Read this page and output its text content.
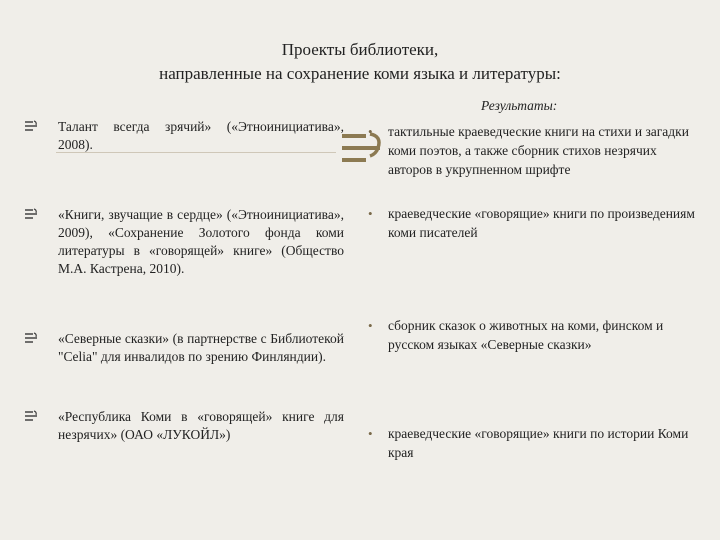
Проекты библиотеки,
направленные на сохранение коми языка и литературы:
Талант всегда зрячий» («Этноинициатива», 2008).
«Книги, звучащие в сердце» («Этноинициатива», 2009), «Сохранение Золотого фонда коми литературы в «говорящей» книге» (Общество М.А. Кастрена, 2010).
«Северные сказки» (в партнерстве с Библиотекой "Celia" для инвалидов по зрению Финляндии).
«Республика Коми в «говорящей» книге для незрячих» (ОАО «ЛУКОЙЛ»)
Результаты:
•	тактильные краеведческие книги на стихи и загадки коми поэтов, а также сборник стихов незрячих авторов в укрупненном шрифте
•	краеведческие «говорящие» книги по произведениям коми писателей
•	сборник сказок о животных на коми, финском и русском языках «Северные сказки»
•	краеведческие «говорящие» книги по истории Коми края
